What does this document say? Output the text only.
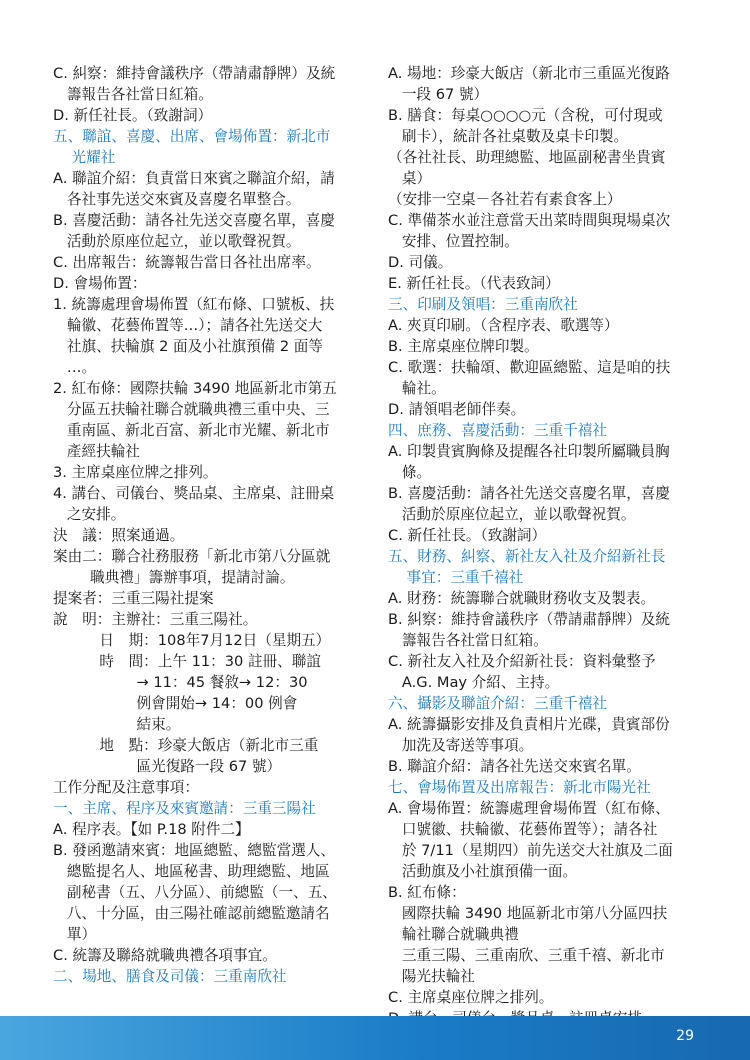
C. 糾察：維持會議秩序（帶請肅靜牌）及統
籌報告各社當日紅箱。
D. 新任社長。（致謝詞）
五、聯誼、喜慶、出席、會場佈置：新北市
光耀社
A. 聯誼介紹：負責當日來賓之聯誼介紹，請
各社事先送交來賓及喜慶名單整合。
B. 喜慶活動：請各社先送交喜慶名單，喜慶
活動於原座位起立，並以歌聲祝賀。
C. 出席報告：統籌報告當日各社出席率。
D. 會場佈置：
1. 統籌處理會場佈置（紅布條、口號板、扶
輪徽、花藝佈置等…）；請各社先送交大
社旗、扶輪旗 2 面及小社旗預備 2 面等
…。
2. 紅布條：國際扶輪 3490 地區新北市第五
分區五扶輪社聯合就職典禮三重中央、三
重南區、新北百富、新北市光耀、新北市
產經扶輪社
3. 主席桌座位牌之排列。
4. 講台、司儀台、獎品桌、主席桌、註冊桌
之安排。
決　議：照案通過。
案由二：聯合社務服務「新北市第八分區就
職典禮」籌辦事項，提請討論。
提案者：三重三陽社提案
說　明：主辦社：三重三陽社。
日　期：108年7月12日（星期五）
時　間：上午 11：30 註冊、聯誼
→ 11：45 餐敘→ 12：30
例會開始→ 14：00 例會
結束。
地　點：珍豪大飯店（新北市三重
區光復路一段 67 號）
工作分配及注意事項：
一、主席、程序及來賓邀請：三重三陽社
A. 程序表。【如 P.18 附件二】
B. 發函邀請來賓：地區總監、總監當選人、
總監提名人、地區秘書、助理總監、地區
副秘書（五、八分區）、前總監（一、五、
八、十分區，由三陽社確認前總監邀請名
單）
C. 統籌及聯絡就職典禮各項事宜。
二、場地、膳食及司儀：三重南欣社
A. 場地：珍豪大飯店（新北市三重區光復路
一段 67 號）
B. 膳食：每桌○○○○元（含稅，可付現或
刷卡），統計各社桌數及桌卡印製。
（各社社長、助理總監、地區副秘書坐貴賓
桌）
（安排一空桌－各社若有素食客上）
C. 準備茶水並注意當天出菜時間與現場桌次
安排、位置控制。
D. 司儀。
E. 新任社長。（代表致詞）
三、印刷及領唱：三重南欣社
A. 夾頁印刷。（含程序表、歌選等）
B. 主席桌座位牌印製。
C. 歌選：扶輪頌、歡迎區總監、這是咱的扶
輪社。
D. 請領唱老師伴奏。
四、庶務、喜慶活動：三重千禧社
A. 印製貴賓胸條及提醒各社印製所屬職員胸
條。
B. 喜慶活動：請各社先送交喜慶名單，喜慶
活動於原座位起立，並以歌聲祝賀。
C. 新任社長。（致謝詞）
五、財務、糾察、新社友入社及介紹新社長
事宜：三重千禧社
A. 財務：統籌聯合就職財務收支及製表。
B. 糾察：維持會議秩序（帶請肅靜牌）及統
籌報告各社當日紅箱。
C. 新社友入社及介紹新社長：資料彙整予
A.G. May 介紹、主持。
六、攝影及聯誼介紹：三重千禧社
A. 統籌攝影安排及負責相片光碟，貴賓部份
加洗及寄送等事項。
B. 聯誼介紹：請各社先送交來賓名單。
七、會場佈置及出席報告：新北市陽光社
A. 會場佈置：統籌處理會場佈置（紅布條、
口號徽、扶輪徽、花藝佈置等）；請各社
於 7/11（星期四）前先送交大社旗及二面
活動旗及小社旗預備一面。
B. 紅布條：
國際扶輪 3490 地區新北市第八分區四扶
輪社聯合就職典禮
三重三陽、三重南欣、三重千禧、新北市
陽光扶輪社
C. 主席桌座位牌之排列。
29
